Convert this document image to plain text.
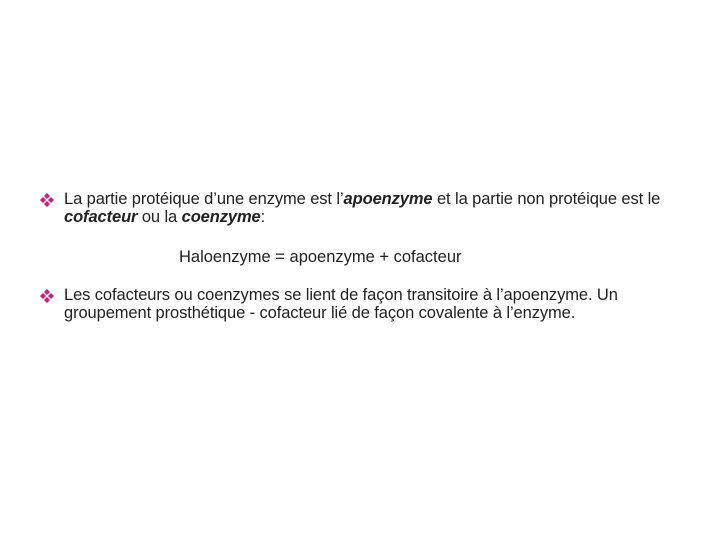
La partie protéique d’une enzyme est l’apoenzyme et la partie non protéique est le cofacteur ou la coenzyme:
Haloenzyme = apoenzyme + cofacteur
Les cofacteurs ou coenzymes se lient de façon transitoire à l’apoenzyme. Un groupement prosthétique - cofacteur lié de façon covalente à l’enzyme.
